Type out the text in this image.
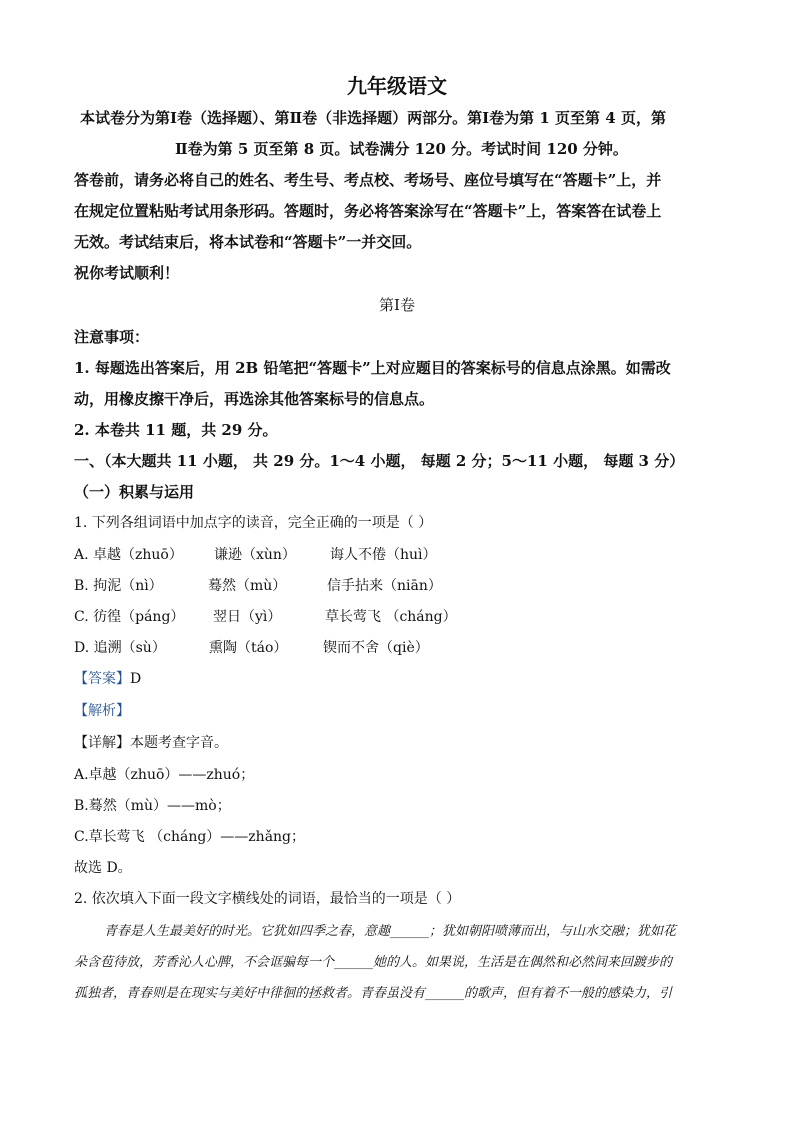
九年级语文
本试卷分为第Ⅰ卷（选择题）、第Ⅱ卷（非选择题）两部分。第Ⅰ卷为第 1 页至第 4 页，第
Ⅱ卷为第 5 页至第 8 页。试卷满分 120 分。考试时间 120 分钟。
答卷前，请务必将自己的姓名、考生号、考点校、考场号、座位号填写在“答题卡”上，并
在规定位置粘贴考试用条形码。答题时，务必将答案涂写在“答题卡”上，答案答在试卷上
无效。考试结束后，将本试卷和“答题卡”一并交回。
祝你考试顺利！
第Ⅰ卷
注意事项：
1. 每题选出答案后，用 2B 铅笔把“答题卡”上对应题目的答案标号的信息点涂黑。如需改
动，用橡皮擦干净后，再选涂其他答案标号的信息点。
2. 本卷共 11 题，共 29 分。
一、（本大题共 11 小题， 共 29 分。1～4 小题， 每题 2 分；5～11 小题， 每题 3 分）
（一）积累与运用
1. 下列各组词语中加点字的读音，完全正确的一项是（ ）
A. 卓越（zhuō） 谦逊（xùn） 诲人不倦（huì）
B. 拘泥（nì）	蓦然（mù）	信手拈来（niān）
C. 彷徨（páng） 翌日（yì）	草长莺飞 （cháng）
D. 追溯（sù）	熏陶（táo）	锲而不舍（qiè）
【答案】D
【解析】
【详解】本题考查字音。
A.卓越（zhuō）——zhuó；
B.蓦然（mù）——mò；
C.草长莺飞 （cháng）——zhǎng；
故选 D。
2. 依次填入下面一段文字横线处的词语，最恰当的一项是（ ）
青春是人生最美好的时光。它犹如四季之春，意趣______；犹如朝阳喷薄而出，与山水交融；犹如花
朵含苞待放，芳香沁人心脾，不会诓骗每一个______她的人。如果说，生活是在偶然和必然间来回踱步的
孤独者，青春则是在现实与美好中徘徊的拯救者。青春虽没有______的歌声，但有着不一般的感染力，引
